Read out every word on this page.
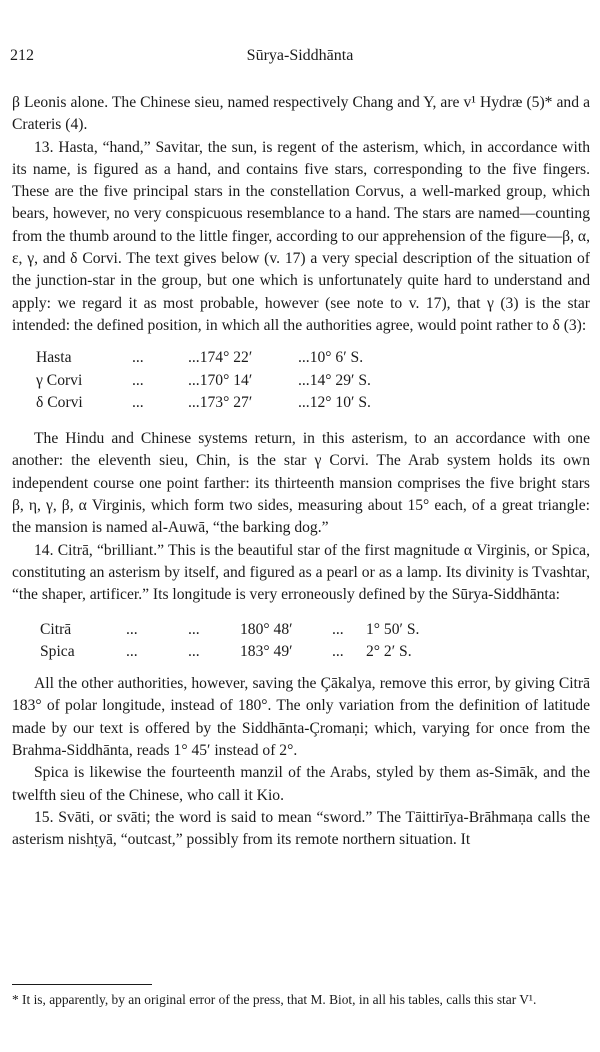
212	Sūrya-Siddhānta

β Leonis alone. The Chinese sieu, named respectively Chang and Y, are v¹ Hydræ (5)* and a Crateris (4).

13. Hasta, “hand,” Savitar, the sun, is regent of the asterism, which, in accordance with its name, is figured as a hand, and contains five stars, corresponding to the five fingers. These are the five principal stars in the constellation Corvus, a well-marked group, which bears, however, no very conspicuous resemblance to a hand. The stars are named—counting from the thumb around to the little finger, according to our apprehension of the figure—β, α, ε, γ, and δ Corvi. The text gives below (v. 17) a very special description of the situation of the junction-star in the group, but one which is unfortunately quite hard to understand and apply: we regard it as most probable, however (see note to v. 17), that γ (3) is the star intended: the defined position, in which all the authorities agree, would point rather to δ (3):

Hasta	...	...174° 22′	...10° 6′ S.
γ Corvi	...	...170° 14′	...14° 29′ S.
δ Corvi	...	...173° 27′	...12° 10′ S.

The Hindu and Chinese systems return, in this asterism, to an accordance with one another: the eleventh sieu, Chin, is the star γ Corvi. The Arab system holds its own independent course one point farther: its thirteenth mansion comprises the five bright stars β, η, γ, β, α Virginis, which form two sides, measuring about 15° each, of a great triangle: the mansion is named al-Auwā, “the barking dog.”

14. Citrā, “brilliant.” This is the beautiful star of the first magnitude α Virginis, or Spica, constituting an asterism by itself, and figured as a pearl or as a lamp. Its divinity is Tvashtar, “the shaper, artificer.” Its longitude is very erroneously defined by the Sūrya-Siddhānta:

Citrā	...	...	180° 48′	...	1° 50′ S.
Spica	...	...	183° 49′	...	2° 2′ S.

All the other authorities, however, saving the Çākalya, remove this error, by giving Citrā 183° of polar longitude, instead of 180°. The only variation from the definition of latitude made by our text is offered by the Siddhānta-Çromaṇi; which, varying for once from the Brahma-Siddhānta, reads 1° 45′ instead of 2°.

Spica is likewise the fourteenth manzil of the Arabs, styled by them as-Simāk, and the twelfth sieu of the Chinese, who call it Kio.

15. Svāti, or svāti; the word is said to mean “sword.” The Tāittirīya-Brāhmaṇa calls the asterism nishṭyā, “outcast,” possibly from its remote northern situation. It

* It is, apparently, by an original error of the press, that M. Biot, in all his tables, calls this star V¹.
